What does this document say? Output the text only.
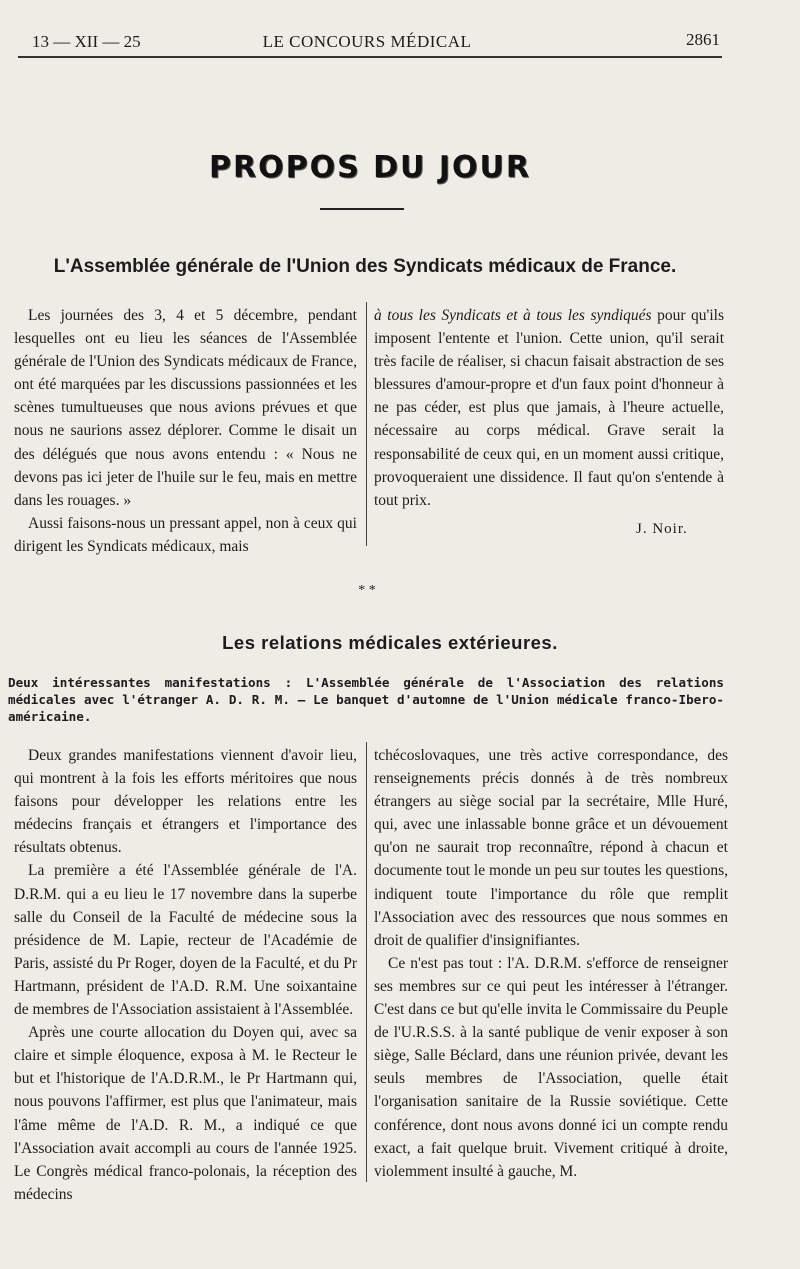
13 — XII — 25	LE CONCOURS MÉDICAL	2861
PROPOS DU JOUR
L'Assemblée générale de l'Union des Syndicats médicaux de France.

Les journées des 3, 4 et 5 décembre, pendant lesquelles ont eu lieu les séances de l'Assemblée générale de l'Union des Syndicats médicaux de France, ont été marquées par les discussions passionnées et les scènes tumultueuses que nous avions prévues et que nous ne saurions assez déplorer. Comme le disait un des délégués que nous avons entendu : « Nous ne devons pas ici jeter de l'huile sur le feu, mais en mettre dans les rouages. »

Aussi faisons-nous un pressant appel, non à ceux qui dirigent les Syndicats médicaux, mais

à tous les Syndicats et à tous les syndiqués pour qu'ils imposent l'entente et l'union. Cette union, qu'il serait très facile de réaliser, si chacun faisait abstraction de ses blessures d'amour-propre et d'un faux point d'honneur à ne pas céder, est plus que jamais, à l'heure actuelle, nécessaire au corps médical. Grave serait la responsabilité de ceux qui, en un moment aussi critique, provoqueraient une dissidence. Il faut qu'on s'entende à tout prix.

J. Noir.
* *
Les relations médicales extérieures.
Deux intéressantes manifestations : L'Assemblée générale de l'Association des relations médicales avec l'étranger A. D. R. M. — Le banquet d'automne de l'Union médicale franco-Ibero-américaine.

Deux grandes manifestations viennent d'avoir lieu, qui montrent à la fois les efforts méritoires que nous faisons pour développer les relations entre les médecins français et étrangers et l'importance des résultats obtenus.

La première a été l'Assemblée générale de l'A. D.R.M. qui a eu lieu le 17 novembre dans la superbe salle du Conseil de la Faculté de médecine sous la présidence de M. Lapie, recteur de l'Académie de Paris, assisté du Pr Roger, doyen de la Faculté, et du Pr Hartmann, président de l'A.D. R.M. Une soixantaine de membres de l'Association assistaient à l'Assemblée.

Après une courte allocation du Doyen qui, avec sa claire et simple éloquence, exposa à M. le Recteur le but et l'historique de l'A.D.R.M., le Pr Hartmann qui, nous pouvons l'affirmer, est plus que l'animateur, mais l'âme même de l'A.D. R. M., a indiqué ce que l'Association avait accompli au cours de l'année 1925. Le Congrès médical franco-polonais, la réception des médecins

tchécoslovaques, une très active correspondance, des renseignements précis donnés à de très nombreux étrangers au siège social par la secrétaire, Mlle Huré, qui, avec une inlassable bonne grâce et un dévouement qu'on ne saurait trop reconnaître, répond à chacun et documente tout le monde un peu sur toutes les questions, indiquent toute l'importance du rôle que remplit l'Association avec des ressources que nous sommes en droit de qualifier d'insignifiantes.

Ce n'est pas tout : l'A. D.R.M. s'efforce de renseigner ses membres sur ce qui peut les intéresser à l'étranger. C'est dans ce but qu'elle invita le Commissaire du Peuple de l'U.R.S.S. à la santé publique de venir exposer à son siège, Salle Béclard, dans une réunion privée, devant les seuls membres de l'Association, quelle était l'organisation sanitaire de la Russie soviétique. Cette conférence, dont nous avons donné ici un compte rendu exact, a fait quelque bruit. Vivement critiqué à droite, violemment insulté à gauche, M.
